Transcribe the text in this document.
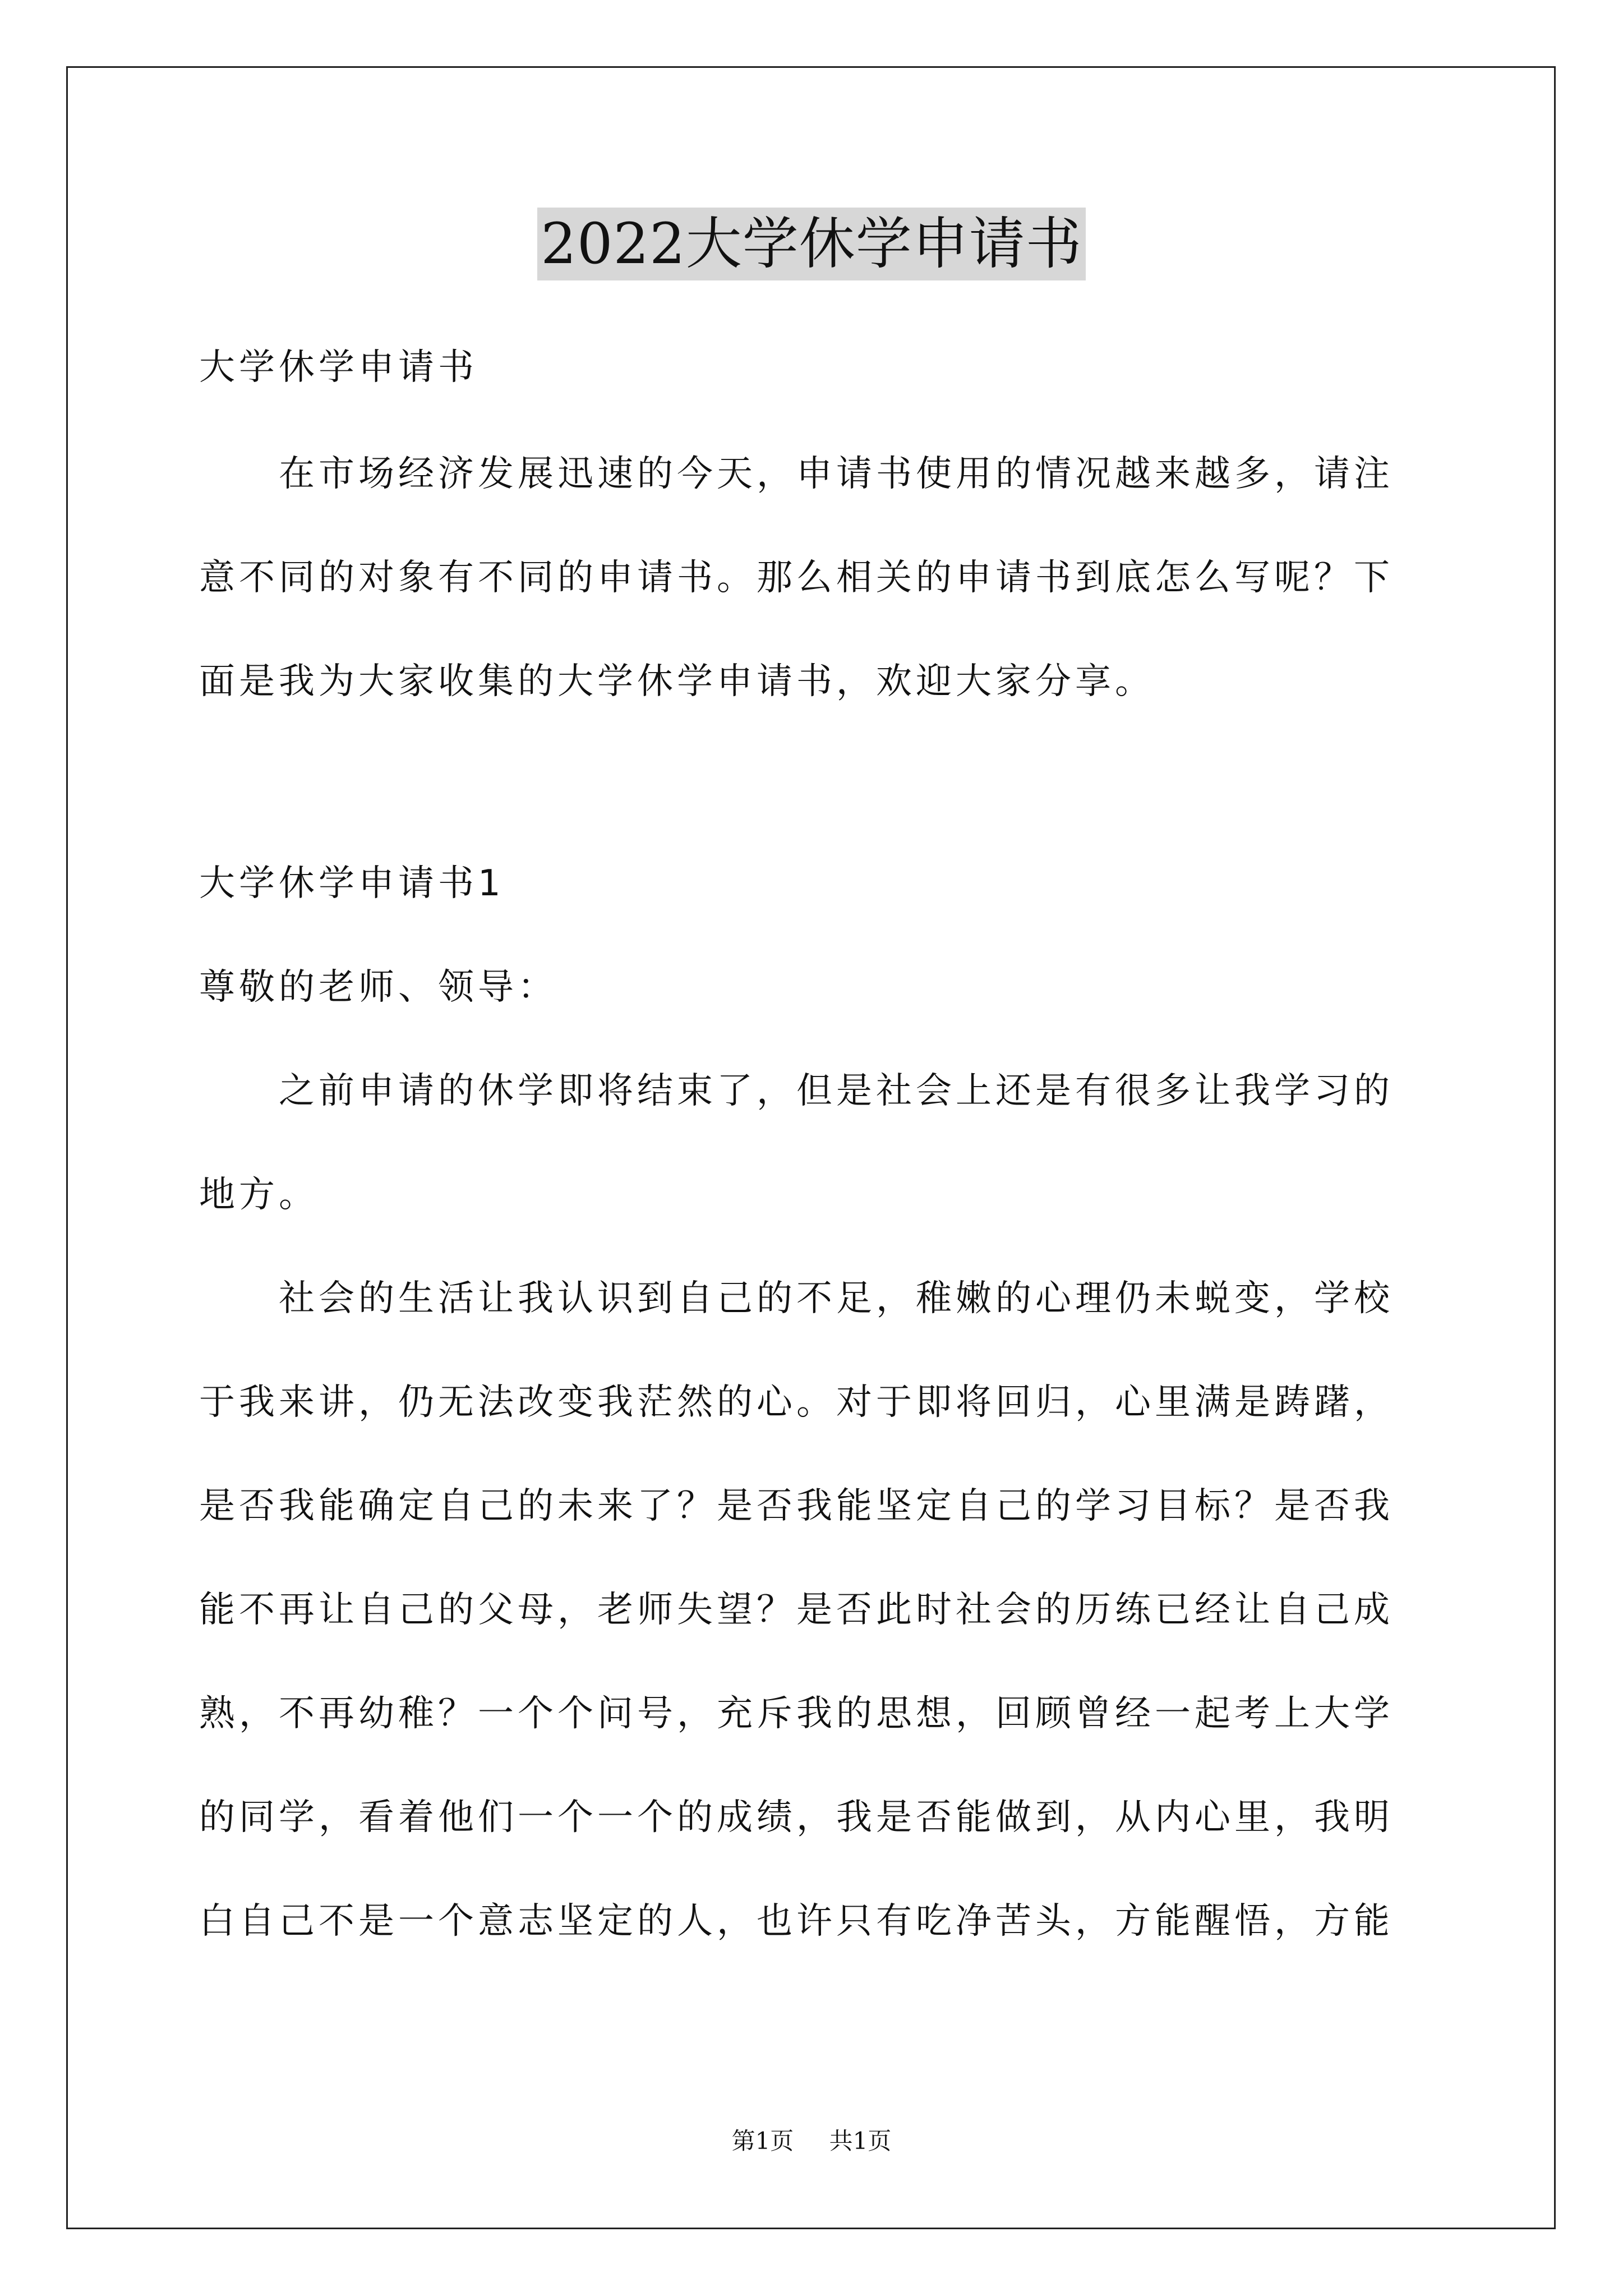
2022大学休学申请书
大学休学申请书
　　在市场经济发展迅速的今天，申请书使用的情况越来越多，请注
意不同的对象有不同的申请书。那么相关的申请书到底怎么写呢？下
面是我为大家收集的大学休学申请书，欢迎大家分享。
大学休学申请书1
尊敬的老师、领导：
　　之前申请的休学即将结束了，但是社会上还是有很多让我学习的
地方。
　　社会的生活让我认识到自己的不足，稚嫩的心理仍未蜕变，学校
于我来讲，仍无法改变我茫然的心。对于即将回归，心里满是踌躇，
是否我能确定自己的未来了？是否我能坚定自己的学习目标？是否我
能不再让自己的父母，老师失望？是否此时社会的历练已经让自己成
熟，不再幼稚？一个个问号，充斥我的思想，回顾曾经一起考上大学
的同学，看着他们一个一个的成绩，我是否能做到，从内心里，我明
白自己不是一个意志坚定的人，也许只有吃净苦头，方能醒悟，方能
第1页 共1页
